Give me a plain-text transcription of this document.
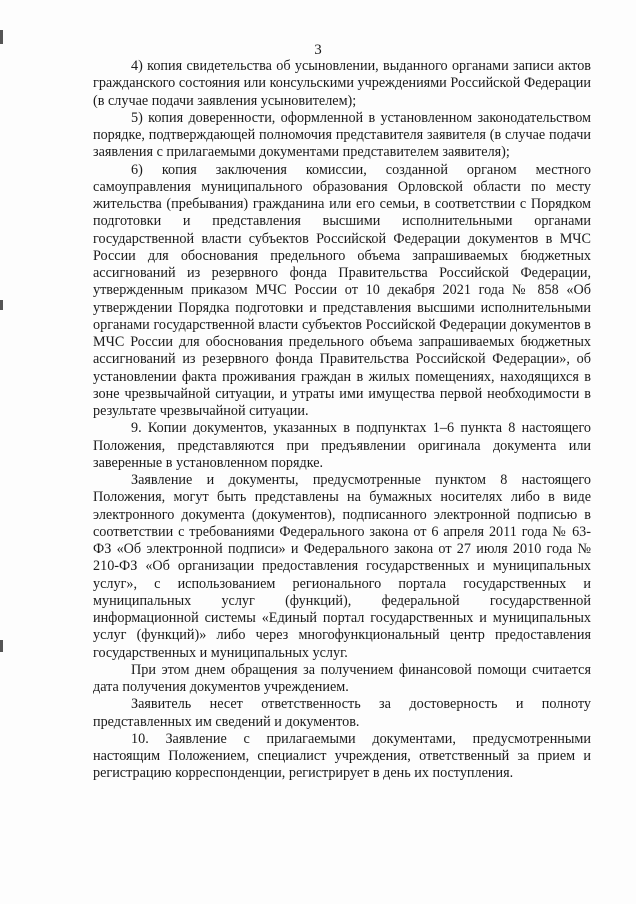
3

4) копия свидетельства об усыновлении, выданного органами записи актов гражданского состояния или консульскими учреждениями Российской Федерации (в случае подачи заявления усыновителем);

5) копия доверенности, оформленной в установленном законодательством порядке, подтверждающей полномочия представителя заявителя (в случае подачи заявления с прилагаемыми документами представителем заявителя);

6) копия заключения комиссии, созданной органом местного самоуправления муниципального образования Орловской области по месту жительства (пребывания) гражданина или его семьи, в соответствии с Порядком подготовки и представления высшими исполнительными органами государственной власти субъектов Российской Федерации документов в МЧС России для обоснования предельного объема запрашиваемых бюджетных ассигнований из резервного фонда Правительства Российской Федерации, утвержденным приказом МЧС России от 10 декабря 2021 года № 858 «Об утверждении Порядка подготовки и представления высшими исполнительными органами государственной власти субъектов Российской Федерации документов в МЧС России для обоснования предельного объема запрашиваемых бюджетных ассигнований из резервного фонда Правительства Российской Федерации», об установлении факта проживания граждан в жилых помещениях, находящихся в зоне чрезвычайной ситуации, и утраты ими имущества первой необходимости в результате чрезвычайной ситуации.

9. Копии документов, указанных в подпунктах 1–6 пункта 8 настоящего Положения, представляются при предъявлении оригинала документа или заверенные в установленном порядке.

Заявление и документы, предусмотренные пунктом 8 настоящего Положения, могут быть представлены на бумажных носителях либо в виде электронного документа (документов), подписанного электронной подписью в соответствии с требованиями Федерального закона от 6 апреля 2011 года № 63-ФЗ «Об электронной подписи» и Федерального закона от 27 июля 2010 года № 210-ФЗ «Об организации предоставления государственных и муниципальных услуг», с использованием регионального портала государственных и муниципальных услуг (функций), федеральной государственной информационной системы «Единый портал государственных и муниципальных услуг (функций)» либо через многофункциональный центр предоставления государственных и муниципальных услуг.

При этом днем обращения за получением финансовой помощи считается дата получения документов учреждением.

Заявитель несет ответственность за достоверность и полноту представленных им сведений и документов.

10. Заявление с прилагаемыми документами, предусмотренными настоящим Положением, специалист учреждения, ответственный за прием и регистрацию корреспонденции, регистрирует в день их поступления.
